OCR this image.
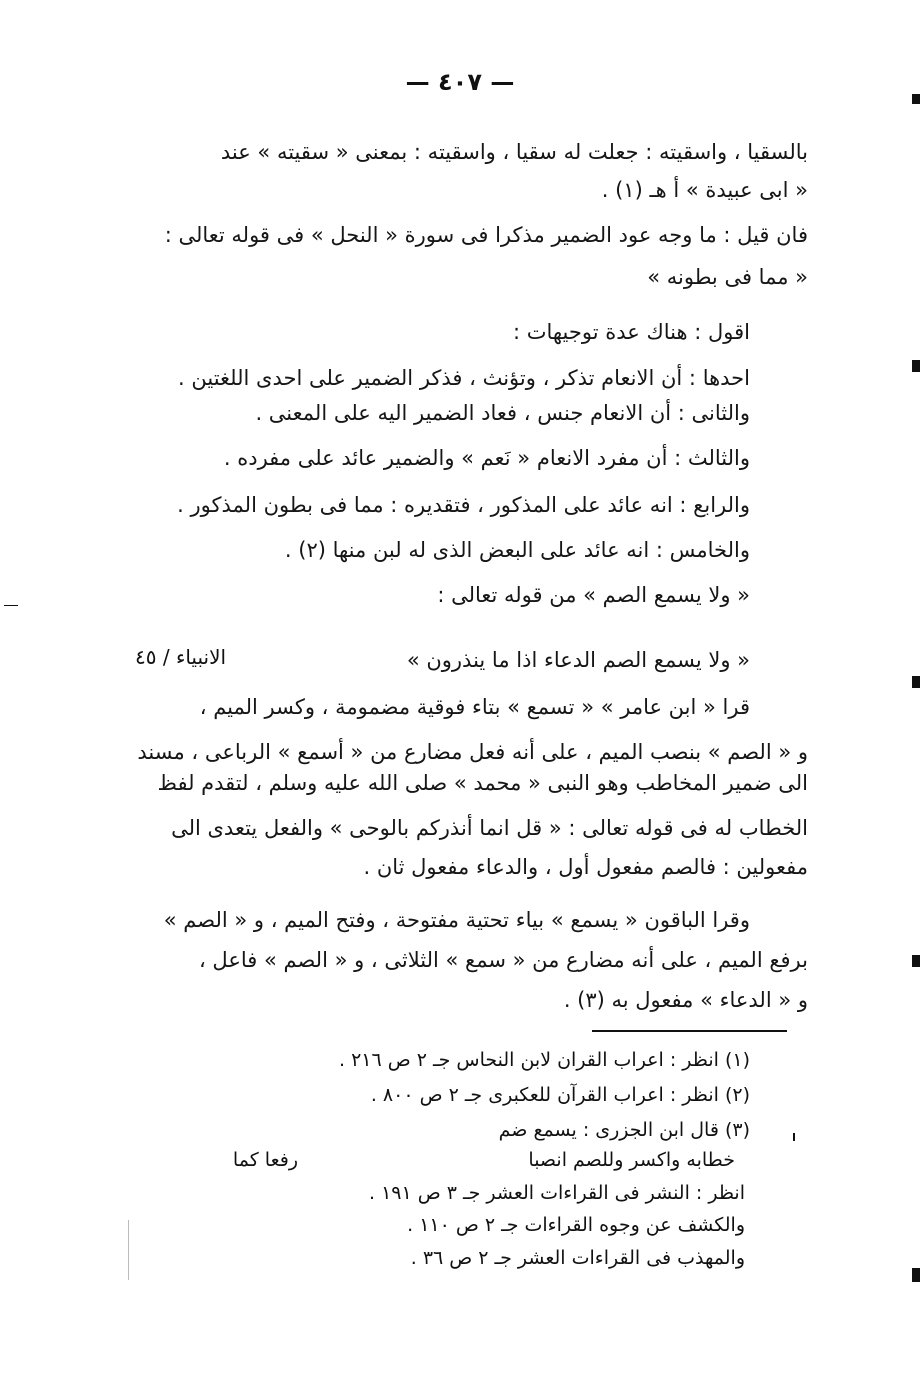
— ٤٠٧ —
بالسقيا ، واسقيته : جعلت له سقيا ، واسقيته : بمعنى « سقيته » عند
« ابى عبيدة » أ هـ (١) .
فان قيل : ما وجه عود الضمير مذكرا فى سورة « النحل » فى قوله تعالى :
« مما فى بطونه »
اقول : هناك عدة توجيهات :
احدها : أن الانعام تذكر ، وتؤنث ، فذكر الضمير على احدى اللغتين .
والثانى : أن الانعام جنس ، فعاد الضمير اليه على المعنى .
والثالث : أن مفرد الانعام « نَعم » والضمير عائد على مفرده .
والرابع : انه عائد على المذكور ، فتقديره : مما فى بطون المذكور .
والخامس : انه عائد على البعض الذى له لبن منها (٢) .
« ولا يسمع الصم » من قوله تعالى :
« ولا يسمع الصم الدعاء اذا ما ينذرون »
الانبياء / ٤٥
قرا « ابن عامر » « تسمع » بتاء فوقية مضمومة ، وكسر الميم ،
و « الصم » بنصب الميم ، على أنه فعل مضارع من « أسمع » الرباعى ، مسند
الى ضمير المخاطب وهو النبى « محمد » صلى الله عليه وسلم ، لتقدم لفظ
الخطاب له فى قوله تعالى : « قل انما أنذركم بالوحى » والفعل يتعدى الى
مفعولين : فالصم مفعول أول ، والدعاء مفعول ثان .
وقرا الباقون « يسمع » بياء تحتية مفتوحة ، وفتح الميم ، و « الصم »
برفع الميم ، على أنه مضارع من « سمع » الثلاثى ، و « الصم » فاعل ،
و « الدعاء » مفعول به (٣) .
(١) انظر : اعراب القران لابن النحاس جـ ٢ ص ٢١٦ .
(٢) انظر : اعراب القرآن للعكبرى جـ ٢ ص ٨٠٠ .
(٣) قال ابن الجزرى : يسمع ضم
خطابه واكسر وللصم انصبا
رفعا كما
انظر : النشر فى القراءات العشر جـ ٣ ص ١٩١ .
والكشف عن وجوه القراءات جـ ٢ ص ١١٠ .
والمهذب فى القراءات العشر جـ ٢ ص ٣٦ .
